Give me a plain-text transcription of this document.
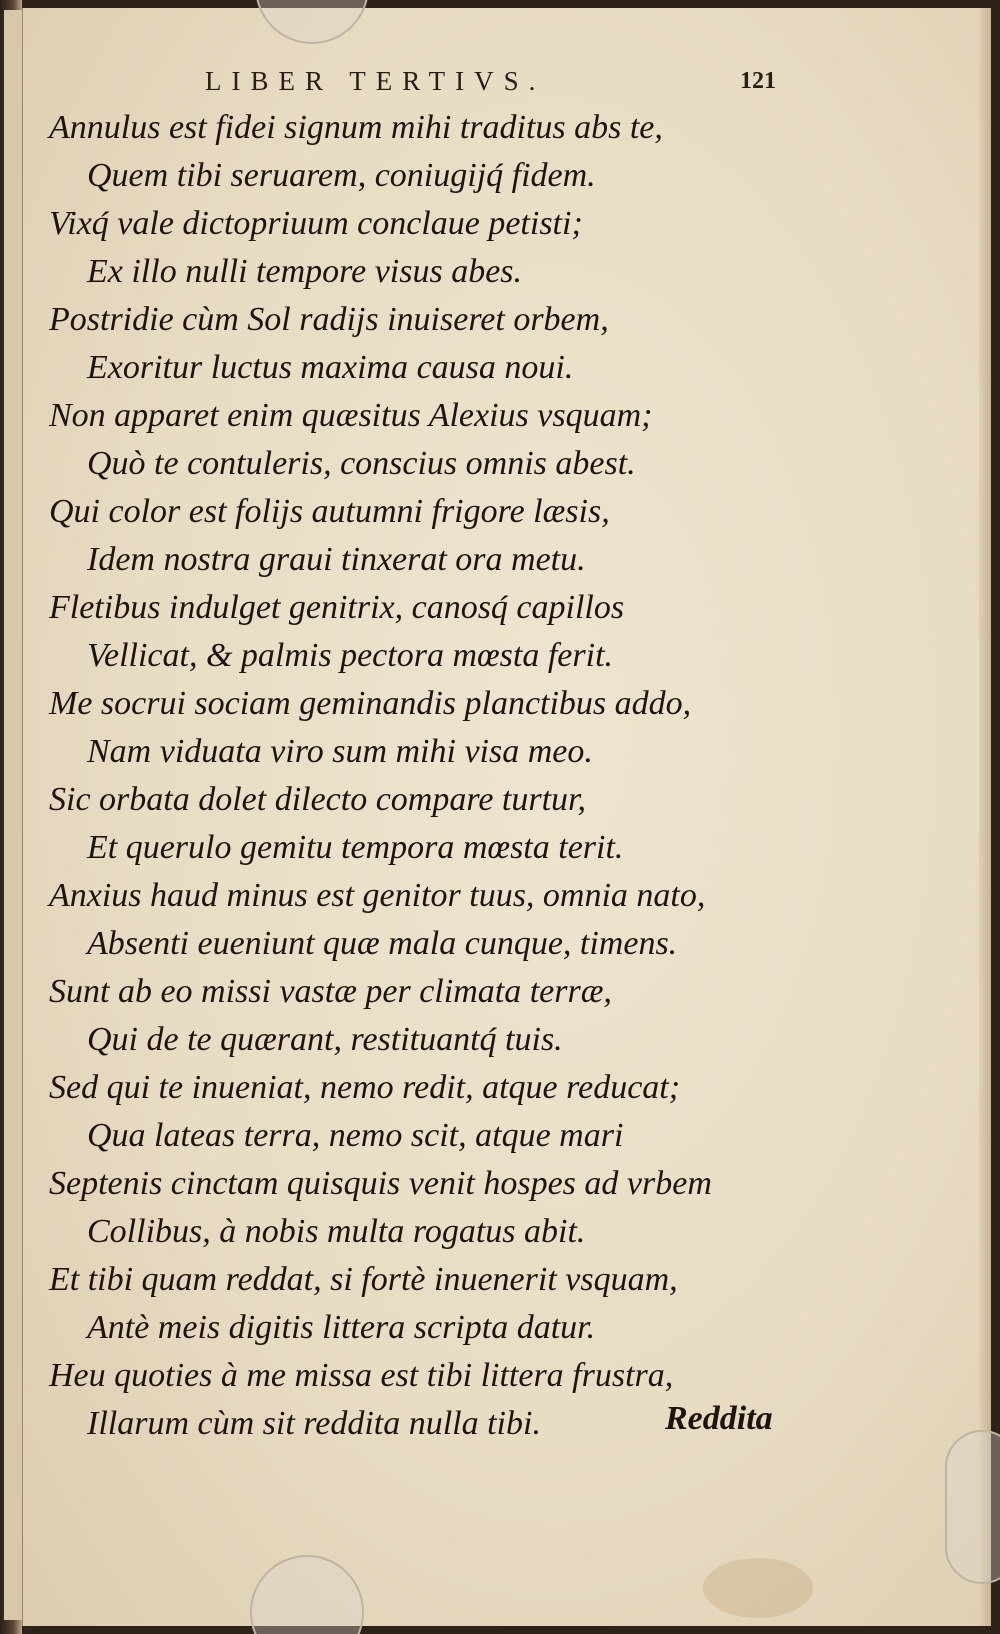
LIBER TERTIVS.	121
Annulus est fidei signum mihi traditus abs te,
Quem tibi seruarem, coniugijq́ fidem.
Vixq́ vale dictopriuum conclaue petisti;
Ex illo nulli tempore visus abes.
Postridie cùm Sol radijs inuiseret orbem,
Exoritur luctus maxima causa noui.
Non apparet enim quæsitus Alexius vsquam;
Quò te contuleris, conscius omnis abest.
Qui color est folijs autumni frigore læsis,
Idem nostra graui tinxerat ora metu.
Fletibus indulget genitrix, canosq́ capillos
Vellicat, & palmis pectora mœsta ferit.
Me socrui sociam geminandis planctibus addo,
Nam viduata viro sum mihi visa meo.
Sic orbata dolet dilecto compare turtur,
Et querulo gemitu tempora mœsta terit.
Anxius haud minus est genitor tuus, omnia nato,
Absenti eueniunt quæ mala cunque, timens.
Sunt ab eo missi vastæ per climata terræ,
Qui de te quærant, restituantq́ tuis.
Sed qui te inueniat, nemo redit, atque reducat;
Qua lateas terra, nemo scit, atque mari
Septenis cinctam quisquis venit hospes ad vrbem
Collibus, à nobis multa rogatus abit.
Et tibi quam reddat, si fortè inuenerit vsquam,
Antè meis digitis littera scripta datur.
Heu quoties à me missa est tibi littera frustra,
Illarum cùm sit reddita nulla tibi.	Reddita
